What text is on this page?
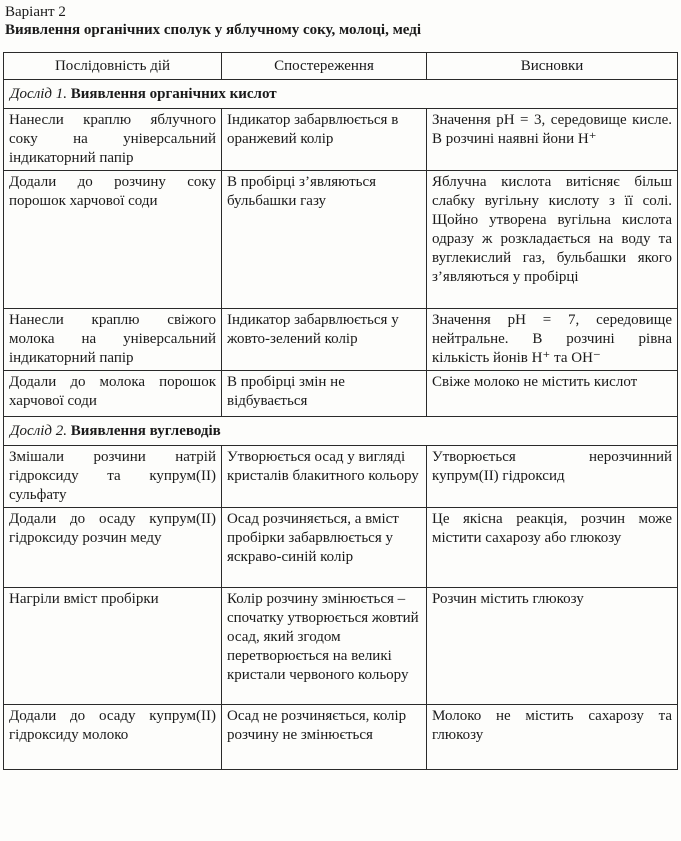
Варіант 2
Виявлення органічних сполук у яблучному соку, молоці, меді
Послідовність дій	Спостереження	Висновки
Дослід 1. Виявлення органічних кислот		
Нанесли краплю яблучного соку на універсальний індикаторний папір	Індикатор забарвлюється в оранжевий колір	Значення pH = 3, середовище кисле. В розчині наявні йони H⁺
Додали до розчину соку порошок харчової соди	В пробірці з’являються бульбашки газу	Яблучна кислота витісняє більш слабку вугільну кислоту з її солі. Щойно утворена вугільна кислота одразу ж розкладається на воду та вуглекислий газ, бульбашки якого з’являються у пробірці
Нанесли краплю свіжого молока на універсальний індикаторний папір	Індикатор забарвлюється у жовто-зелений колір	Значення pH = 7, середовище нейтральне. В розчині рівна кількість йонів H⁺ та OH⁻
Додали до молока порошок харчової соди	В пробірці змін не відбувається	Свіже молоко не містить кислот
Дослід 2. Виявлення вуглеводів		
Змішали розчини натрій гідроксиду та купрум(II) сульфату	Утворюється осад у вигляді кристалів блакитного кольору	Утворюється нерозчинний купрум(II) гідроксид
Додали до осаду купрум(II) гідроксиду розчин меду	Осад розчиняється, а вміст пробірки забарвлюється у яскраво-синій колір	Це якісна реакція, розчин може містити сахарозу або глюкозу
Нагріли вміст пробірки	Колір розчину змінюється – спочатку утворюється жовтий осад, який згодом перетворюється на великі кристали червоного кольору	Розчин містить глюкозу
Додали до осаду купрум(II) гідроксиду молоко	Осад не розчиняється, колір розчину не змінюється	Молоко не містить сахарозу та глюкозу
